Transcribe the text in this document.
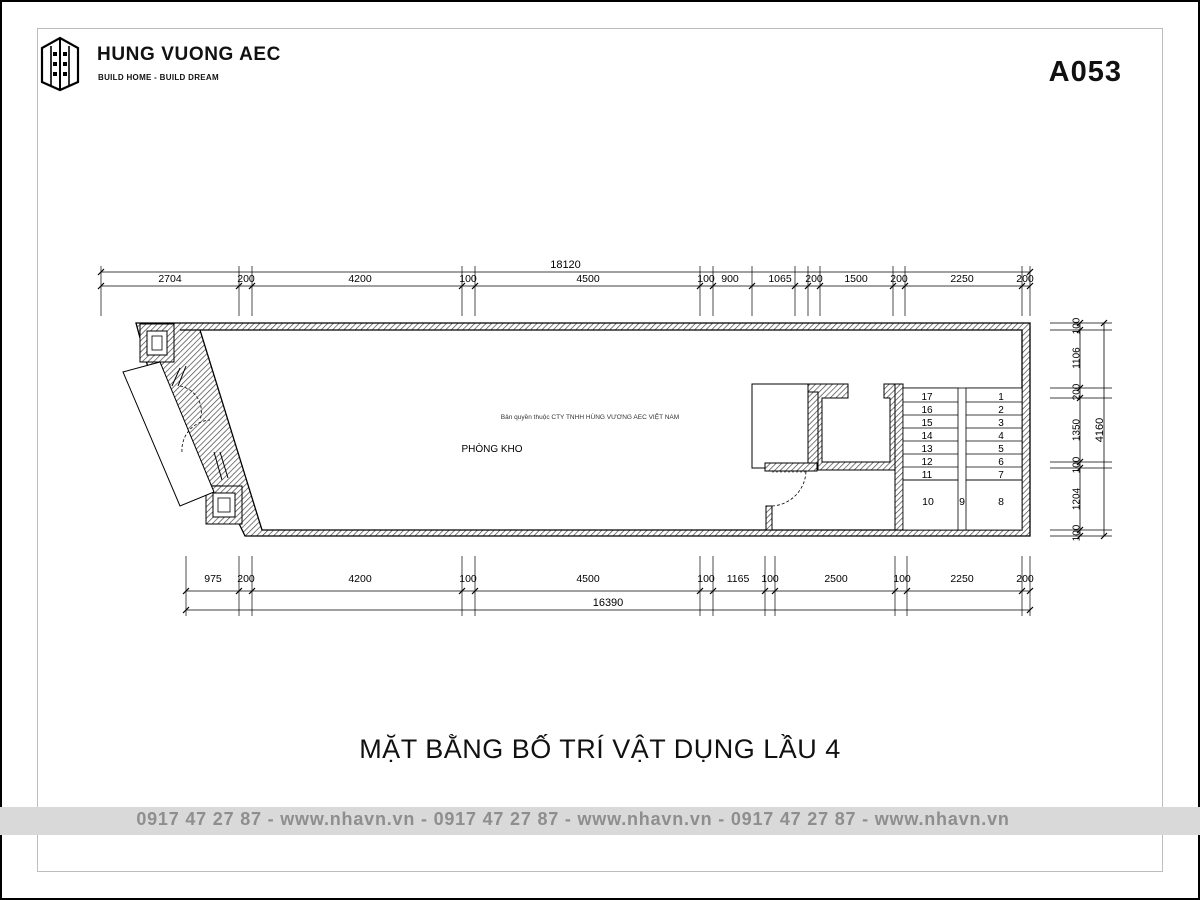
HUNG VUONG AEC
BUILD HOME - BUILD DREAM	A053
1
2
3
4
5
6
7
8
9
10
11
12
13
14
15
16
17
18120
2704	200	4200	100	4500	100 900	1065 200 1500 200	2250	200
975 200	4200	100	4500	100 1165 100	2500	100	2250	200
16390
100
1106
200
1350
100
1204
100
4160
Bản quyền thuộc CTY TNHH HÙNG VƯƠNG AEC VIỆT NAM
PHÒNG KHO
MẶT BẰNG BỐ TRÍ VẬT DỤNG LẦU 4
0917 47 27 87 - www.nhavn.vn - 0917 47 27 87 - www.nhavn.vn - 0917 47 27 87 - www.nhavn.vn
